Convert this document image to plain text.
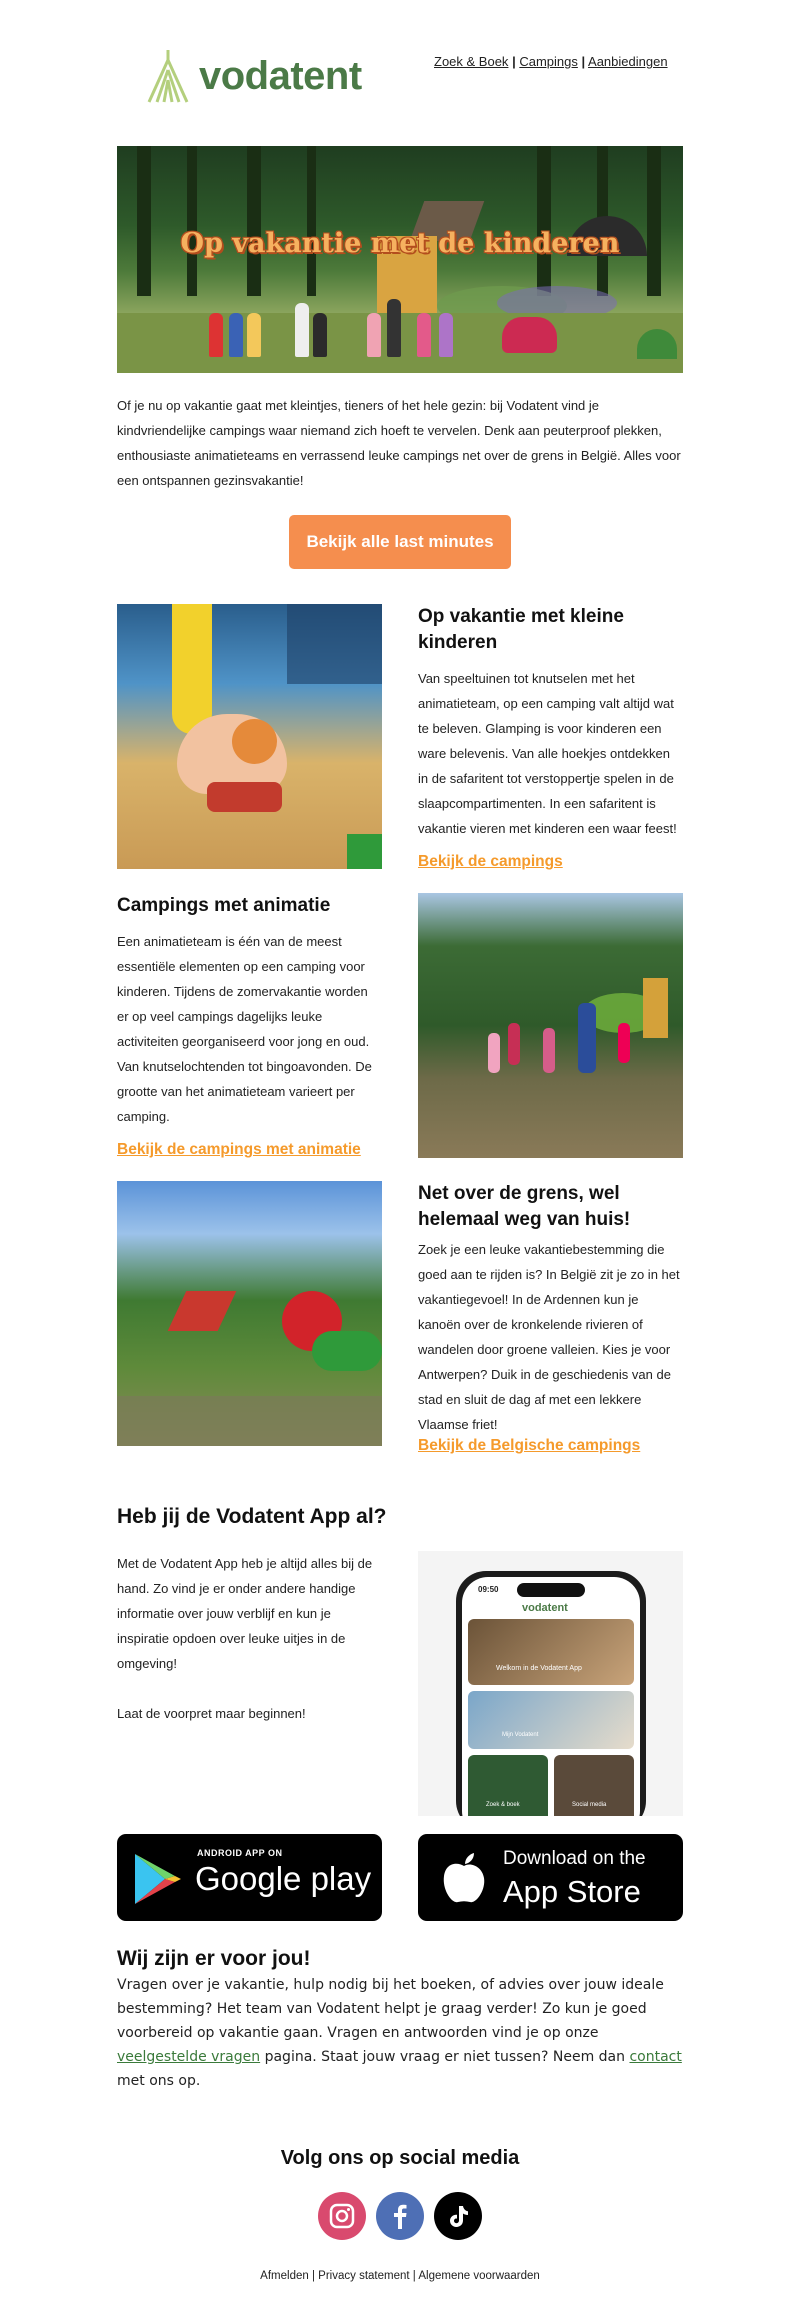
vodatent	Zoek & Boek | Campings | Aanbiedingen
Op vakantie met de kinderen

Of je nu op vakantie gaat met kleintjes, tieners of het hele gezin: bij Vodatent vind je kindvriendelijke campings waar niemand zich hoeft te vervelen. Denk aan peuterproof plekken, enthousiaste animatieteams en verrassend leuke campings net over de grens in België. Alles voor een ontspannen gezinsvakantie!

Bekijk alle last minutes
Op vakantie met kleine kinderen

Van speeltuinen tot knutselen met het animatieteam, op een camping valt altijd wat te beleven. Glamping is voor kinderen een ware belevenis. Van alle hoekjes ontdekken in de safaritent tot verstoppertje spelen in de slaapcompartimenten. In een safaritent is vakantie vieren met kinderen een waar feest!

Bekijk de campings
Campings met animatie

Een animatieteam is één van de meest essentiële elementen op een camping voor kinderen. Tijdens de zomervakantie worden er op veel campings dagelijks leuke activiteiten georganiseerd voor jong en oud. Van knutselochtenden tot bingoavonden. De grootte van het animatieteam varieert per camping.

Bekijk de campings met animatie
Net over de grens, wel helemaal weg van huis!

Zoek je een leuke vakantiebestemming die goed aan te rijden is? In België zit je zo in het vakantiegevoel! In de Ardennen kun je kanoën over de kronkelende rivieren of wandelen door groene valleien. Kies je voor Antwerpen? Duik in de geschiedenis van de stad en sluit de dag af met een lekkere Vlaamse friet!

Bekijk de Belgische campings
Heb jij de Vodatent App al?

Met de Vodatent App heb je altijd alles bij de hand. Zo vind je er onder andere handige informatie over jouw verblijf en kun je inspiratie opdoen over leuke uitjes in de omgeving!

Laat de voorpret maar beginnen!

09:50
vodatent
Welkom in de Vodatent App
Mijn Vodatent
Zoek & boek	Social media
ANDROID APP ON
Google play
Download on the
App Store
Wij zijn er voor jou!

Vragen over je vakantie, hulp nodig bij het boeken, of advies over jouw ideale bestemming? Het team van Vodatent helpt je graag verder! Zo kun je goed voorbereid op vakantie gaan. Vragen en antwoorden vind je op onze veelgestelde vragen pagina. Staat jouw vraag er niet tussen? Neem dan contact met ons op.

Volg ons op social media
Afmelden | Privacy statement | Algemene voorwaarden
